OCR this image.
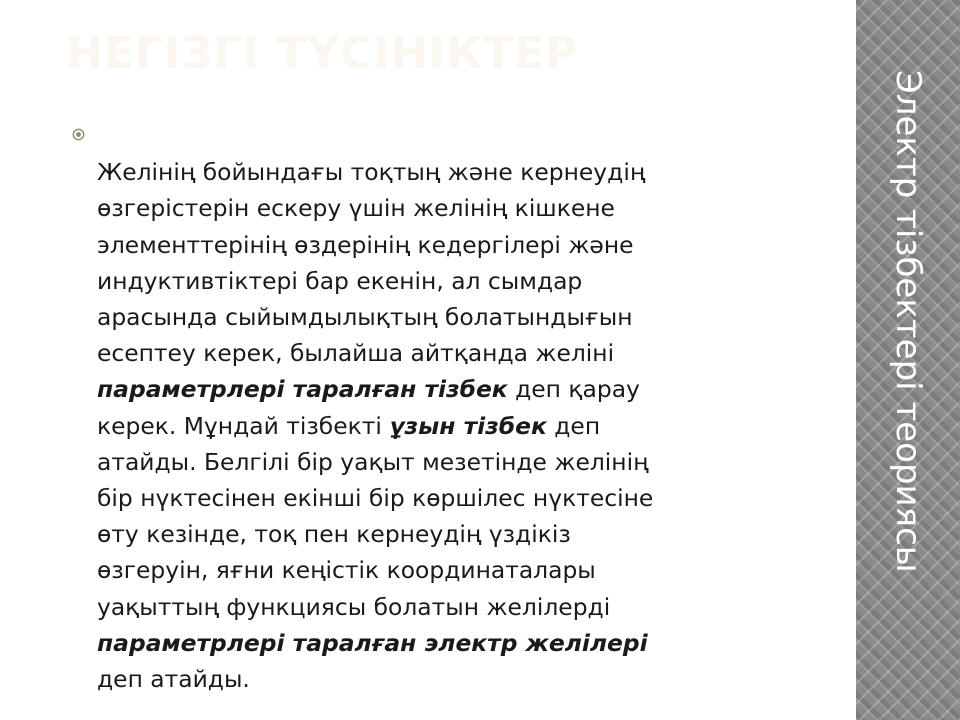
НЕГІЗГІ ТҮСІНІКТЕР

Желінің бойындағы тоқтың және кернеудің
өзгерістерін ескеру үшін желінің кішкене
элементтерінің өздерінің кедергілері және
индуктивтіктері бар екенін, ал сымдар
арасында сыйымдылықтың болатындығын
есептеу керек, былайша айтқанда желіні
параметрлері таралған тізбек деп қарау
керек. Мұндай тізбекті ұзын тізбек деп
атайды. Белгілі бір уақыт мезетінде желінің
бір нүктесінен екінші бір көршілес нүктесіне
өту кезінде, тоқ пен кернеудің үздікіз
өзгеруін, яғни кеңістік координаталары
уақыттың функциясы болатын желілерді
параметрлері таралған электр желілері
деп атайды.

Электр тізбектері теориясы
